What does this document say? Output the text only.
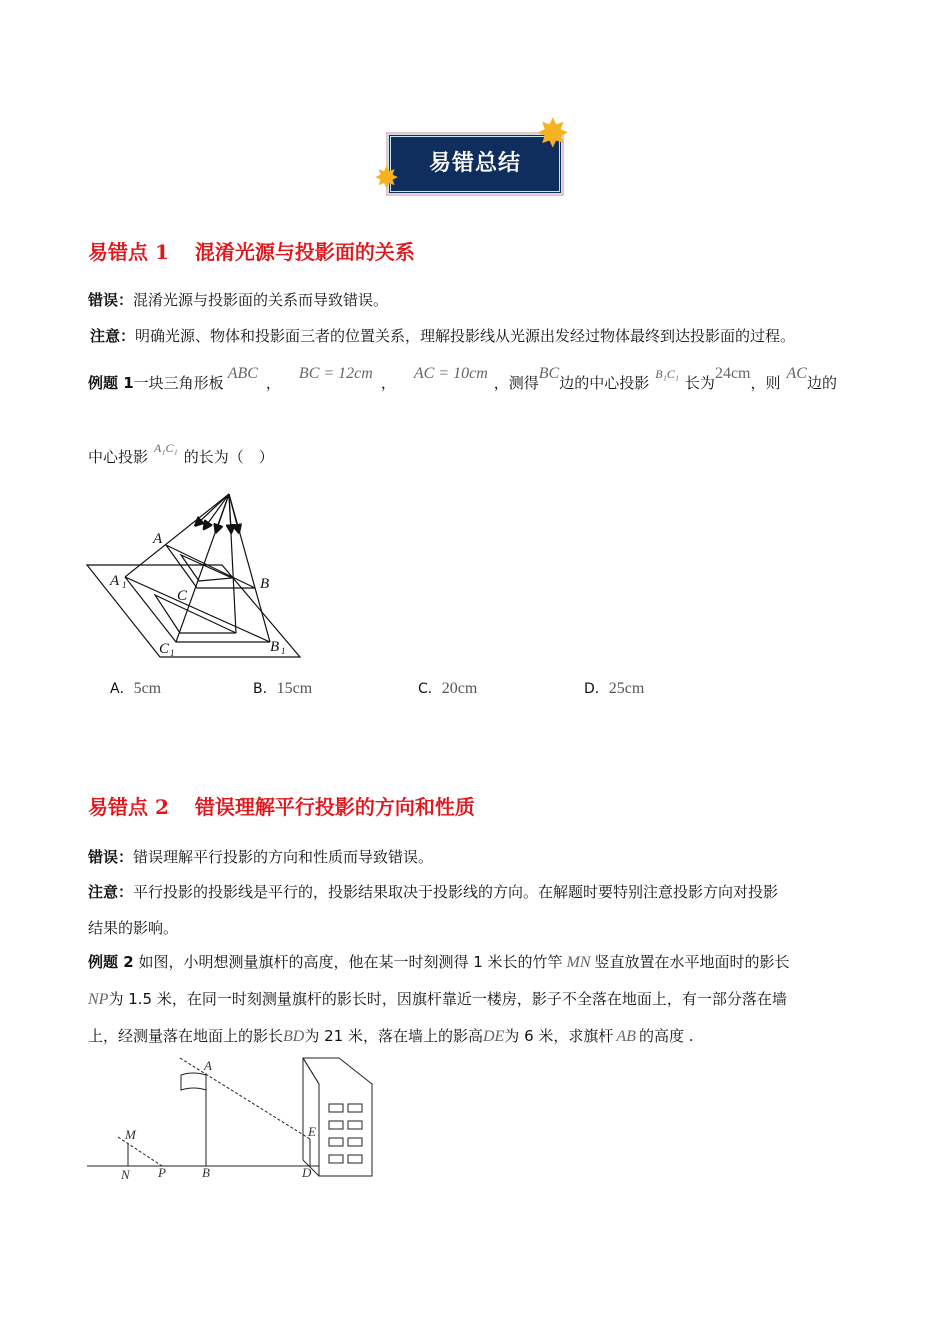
易错总结
✸
✸
易错点 1 混淆光源与投影面的关系
错误：混淆光源与投影面的关系而导致错误。
注意：明确光源、物体和投影面三者的位置关系，理解投影线从光源出发经过物体最终到达投影面的过程。
例题 1一块三角形板ABC，BC = 12cm，AC = 10cm，测得BC边的中心投影 $^{B_1C_1}$ 长为24cm，则AC边的
中心投影 $^{A_1C_1}$ 的长为（　）
A
B
C
A 1
C 1	B 1
A．5cm	B．15cm	C．20cm	D．25cm
易错点 2 错误理解平行投影的方向和性质
错误：错误理解平行投影的方向和性质而导致错误。
注意：平行投影的投影线是平行的，投影结果取决于投影线的方向。在解题时要特别注意投影方向对投影
结果的影响。
例题 2 如图，小明想测量旗杆的高度，他在某一时刻测得 1 米长的竹竿 MN 竖直放置在水平地面时的影长
NP为 1.5 米，在同一时刻测量旗杆的影长时，因旗杆靠近一楼房，影子不全落在地面上，有一部分落在墙
上，经测量落在地面上的影长BD为 21 米，落在墙上的影高DE为 6 米，求旗杆 AB 的高度 .
A
M	E
N P	B	D
